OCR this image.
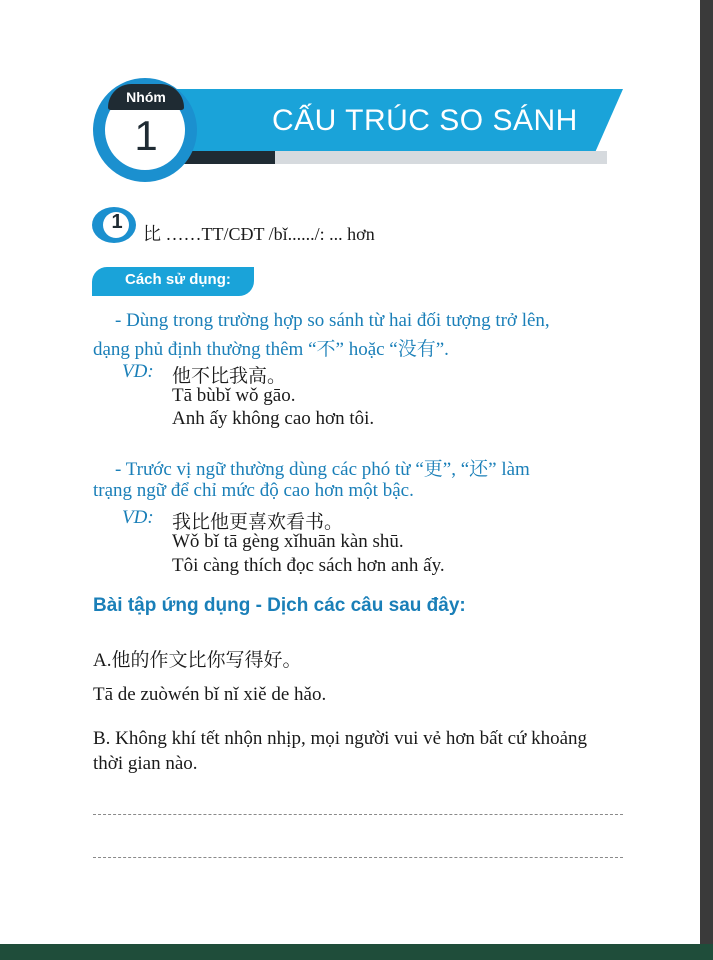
CẤU TRÚC SO SÁNH
Nhóm
1
1
比 ……TT/CĐT /bǐ....../: ... hơn
Cách sử dụng:
- Dùng trong trường hợp so sánh từ hai đối tượng trở lên,
dạng phủ định thường thêm “不” hoặc “没有”.
VD: 他不比我高。
Tā bùbǐ wǒ gāo.
Anh ấy không cao hơn tôi.
- Trước vị ngữ thường dùng các phó từ “更”, “还” làm
trạng ngữ để chỉ mức độ cao hơn một bậc.
VD: 我比他更喜欢看书。
Wǒ bǐ tā gèng xǐhuān kàn shū.
Tôi càng thích đọc sách hơn anh ấy.
Bài tập ứng dụng - Dịch các câu sau đây:
A.他的作文比你写得好。
Tā de zuòwén bǐ nǐ xiě de hǎo.
B. Không khí tết nhộn nhịp, mọi người vui vẻ hơn bất cứ khoảng
thời gian nào.
